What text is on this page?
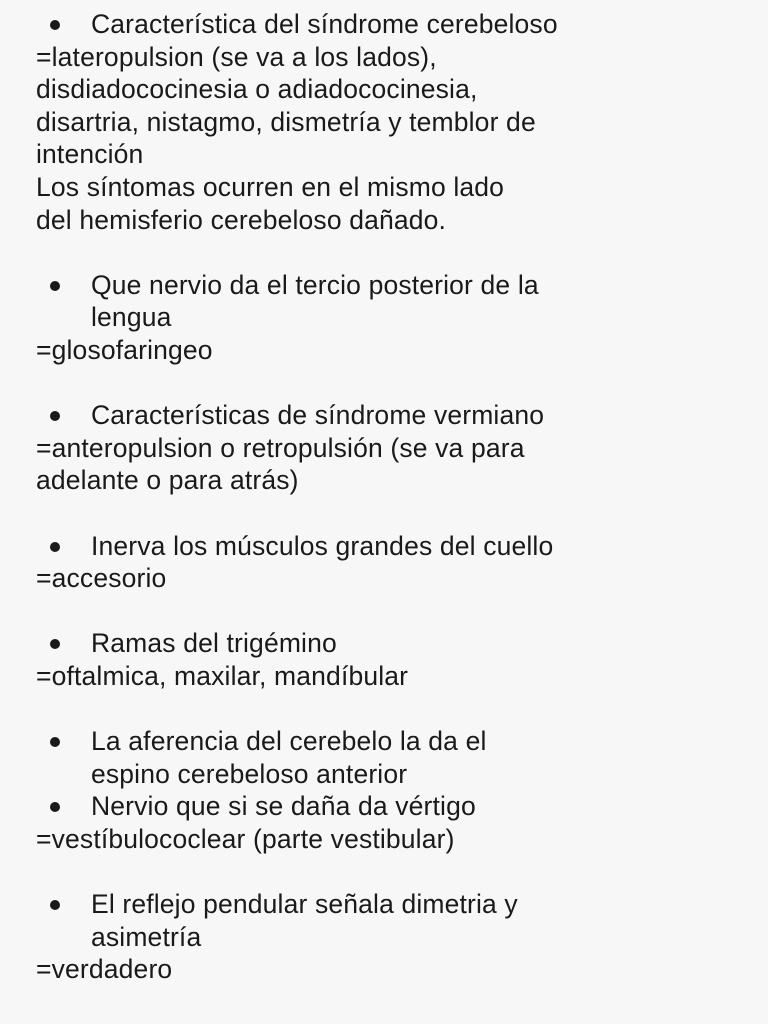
Característica del síndrome cerebeloso
=lateropulsion (se va a los lados),
disdiadococinesia o adiadococinesia,
disartria, nistagmo, dismetría y temblor de
intención
Los síntomas ocurren en el mismo lado
del hemisferio cerebeloso dañado.
Que nervio da el tercio posterior de la
lengua
=glosofaringeo
Características de síndrome vermiano
=anteropulsion o retropulsión (se va para
adelante o para atrás)
Inerva los músculos grandes del cuello
=accesorio
Ramas del trigémino
=oftalmica, maxilar, mandíbular
La aferencia del cerebelo la da el
espino cerebeloso anterior
Nervio que si se daña da vértigo
=vestíbulococlear (parte vestibular)
El reflejo pendular señala dimetria y
asimetría
=verdadero
